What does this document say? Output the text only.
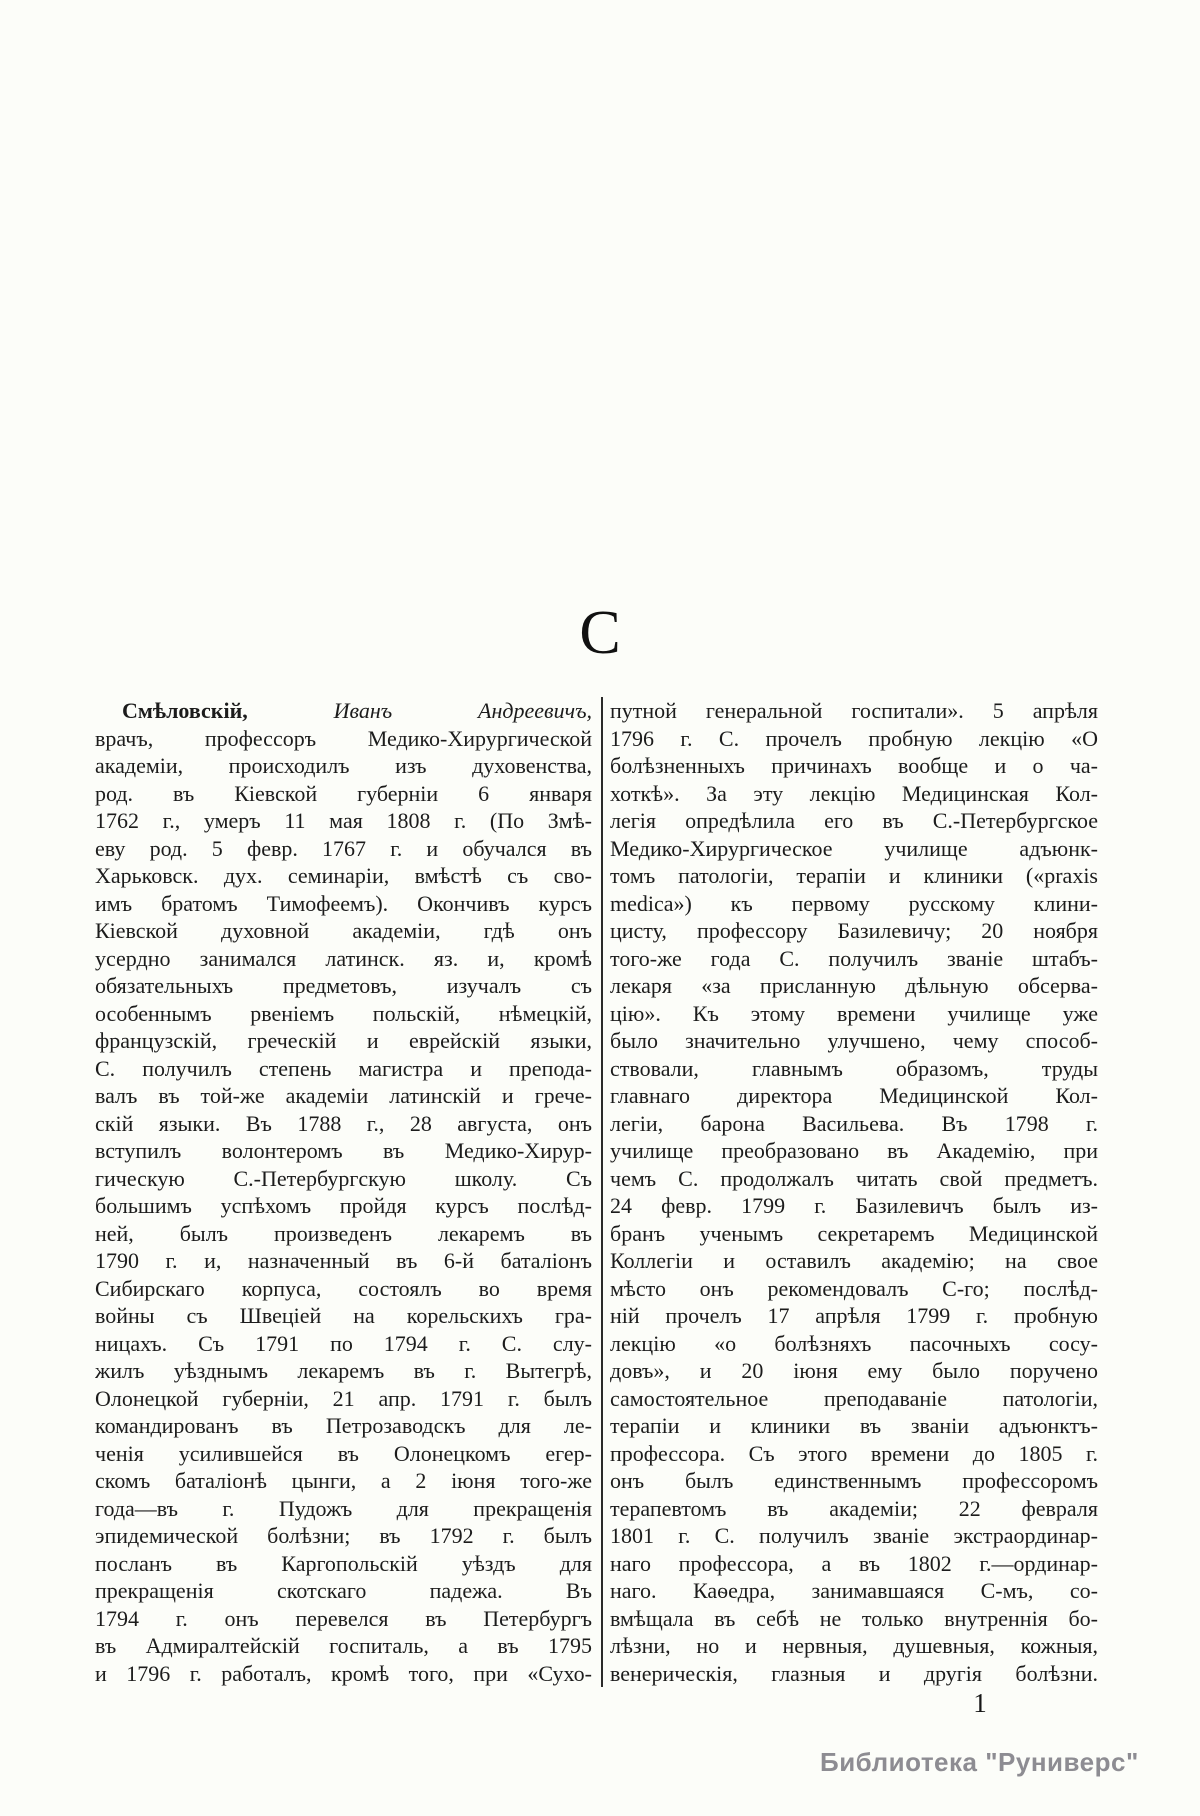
С
Смѣловскій,	Иванъ Андреевичъ,
врачъ, профессоръ Медико-Хирургической
академіи, происходилъ изъ духовенства,
род. въ Кіевской губерніи 6 января
1762 г., умеръ 11 мая 1808 г. (По Змѣ-
еву род. 5 февр. 1767 г. и обучался въ
Харьковск. дух. семинаріи, вмѣстѣ съ сво-
имъ братомъ Тимофеемъ). Окончивъ курсъ
Кіевской духовной академіи, гдѣ онъ
усердно занимался латинск. яз. и, кромѣ
обязательныхъ предметовъ, изучалъ съ
особеннымъ рвеніемъ польскій, нѣмецкій,
французскій, греческій и еврейскій языки,
С. получилъ степень магистра и препода-
валъ въ той-же академіи латинскій и грече-
скій языки. Въ 1788 г., 28 августа, онъ
вступилъ волонтеромъ въ Медико-Хирур-
гическую С.-Петербургскую школу. Съ
большимъ успѣхомъ пройдя курсъ послѣд-
ней, былъ произведенъ лекаремъ въ
1790 г. и, назначенный въ 6-й баталіонъ
Сибирскаго корпуса, состоялъ во время
войны съ Швеціей на корельскихъ гра-
ницахъ. Съ 1791 по 1794 г. С. слу-
жилъ уѣзднымъ лекаремъ въ г. Вытегрѣ,
Олонецкой губерніи, 21 апр. 1791 г. былъ
командированъ въ Петрозаводскъ для ле-
ченія усилившейся въ Олонецкомъ егер-
скомъ баталіонѣ цынги, а 2 іюня того-же
года—въ г. Пудожъ для прекращенія
эпидемической болѣзни; въ 1792 г. былъ
посланъ въ Каргопольскій уѣздъ для
прекращенія скотскаго падежа. Въ
1794 г. онъ перевелся въ Петербургъ
въ Адмиралтейскій госпиталь, а въ 1795
и 1796 г. работалъ, кромѣ того, при «Сухо-
путной генеральной госпитали». 5 апрѣля
1796 г. С. прочелъ пробную лекцію «О
болѣзненныхъ причинахъ вообще и о ча-
хоткѣ». За эту лекцію Медицинская Кол-
легія опредѣлила его въ С.-Петербургское
Медико-Хирургическое училище адъюнк-
томъ патологіи, терапіи и клиники («praxis
medica») къ первому русскому клини-
цисту, профессору Базилевичу; 20 ноября
того-же года С. получилъ званіе штабъ-
лекаря «за присланную дѣльную обсерва-
цію». Къ этому времени училище уже
было значительно улучшено, чему способ-
ствовали, главнымъ образомъ, труды
главнаго директора Медицинской Кол-
легіи, барона Васильева. Въ 1798 г.
училище преобразовано въ Академію, при
чемъ С. продолжалъ читать свой предметъ.
24 февр. 1799 г. Базилевичъ былъ из-
бранъ ученымъ секретаремъ Медицинской
Коллегіи и оставилъ академію; на свое
мѣсто онъ рекомендовалъ С-го; послѣд-
ній прочелъ 17 апрѣля 1799 г. пробную
лекцію «о болѣзняхъ пасочныхъ сосу-
довъ», и 20 іюня ему было поручено
самостоятельное преподаваніе патологіи,
терапіи и клиники въ званіи адъюнктъ-
профессора. Съ этого времени до 1805 г.
онъ былъ единственнымъ профессоромъ
терапевтомъ въ академіи; 22 февраля
1801 г. С. получилъ званіе экстраординар-
наго профессора, а въ 1802 г.—ординар-
наго. Каѳедра, занимавшаяся С-мъ, со-
вмѣщала въ себѣ не только внутреннія бо-
лѣзни, но и нервныя, душевныя, кожныя,
венерическія, глазныя и другія болѣзни.
1
Библиотека "Руниверс"
